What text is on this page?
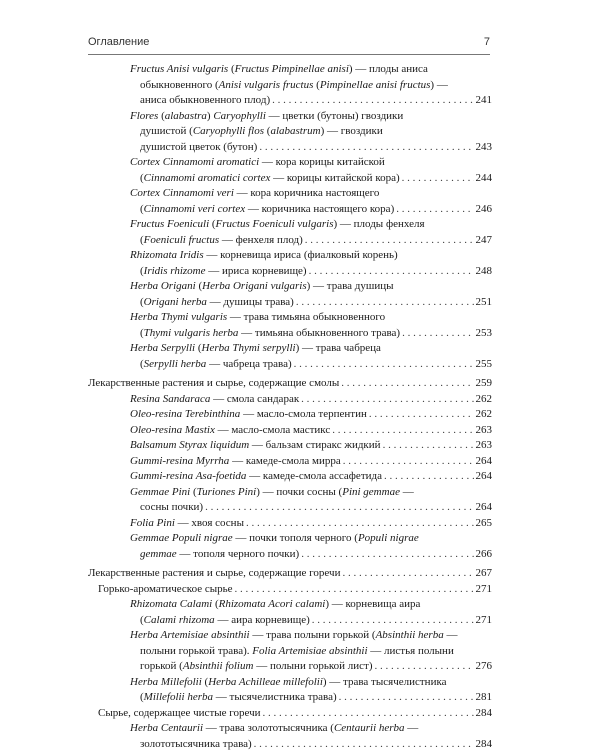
Оглавление	7
Fructus Anisi vulgaris (Fructus Pimpinellae anisi) — плоды аниса
обыкновенного (Anisi vulgaris fructus (Pimpinellae anisi fructus) —
аниса обыкновенного плод) . . .	241
Flores (alabastra) Caryophylli — цветки (бутоны) гвоздики
душистой (Caryophylli flos (alabastrum) — гвоздики
душистой цветок (бутон) . . .	243
Cortex Cinnamomi aromatici — кора корицы китайской
(Cinnamomi aromatici cortex — корицы китайской кора) . . .	244
Cortex Cinnamomi veri — кора коричника настоящего
(Cinnamomi veri cortex — коричника настоящего кора) . . .	246
Fructus Foeniculi (Fructus Foeniculi vulgaris) — плоды фенхеля
(Foeniculi fructus — фенхеля плод) . . .	247
Rhizomata Iridis — корневища ириса (фиалковый корень)
(Iridis rhizome — ириса корневище) . . .	248
Herba Origani (Herba Origani vulgaris) — трава душицы
(Origani herba — душицы трава) . . .	251
Herba Thymi vulgaris — трава тимьяна обыкновенного
(Thymi vulgaris herba — тимьяна обыкновенного трава) . . .	253
Herba Serpylli (Herba Thymi serpylli) — трава чабреца
(Serpylli herba — чабреца трава) . . .	255
Лекарственные растения и сырье, содержащие смолы . . .	259
Resina Sandaraca — смола сандарак . . .	262
Oleo-resina Terebinthina — масло-смола терпентин . . .	262
Oleo-resina Mastix — масло-смола мастикс . . .	263
Balsamum Styrax liquidum — бальзам стиракс жидкий . . .	263
Gummi-resina Myrrha — камеде-смола мирра . . .	264
Gummi-resina Asa-foetida — камеде-смола ассафетида . . .	264
Gemmae Pini (Turiones Pini) — почки сосны (Pini gemmae —
сосны почки) . . .	264
Folia Pini — хвоя сосны . . .	265
Gemmae Populi nigrae — почки тополя черного (Populi nigrae
gemmae — тополя черного почки) . . .	266
Лекарственные растения и сырье, содержащие горечи . . .	267
Горько-ароматическое сырье . . .	271
Rhizomata Calami (Rhizomata Acori calami) — корневища аира
(Calami rhizoma — аира корневище) . . .	271
Herba Artemisiae absinthii — трава полыни горькой (Absinthii herba —
полыни горькой трава). Folia Artemisiae absinthii — листья полыни
горькой (Absinthii folium — полыни горькой лист) . . .	276
Herba Millefolii (Herba Achilleae millefolii) — трава тысячелистника
(Millefolii herba — тысячелистника трава) . . .	281
Сырье, содержащее чистые горечи . . .	284
Herba Centaurii — трава золототысячника (Centaurii herba —
золототысячника трава) . . .	284
